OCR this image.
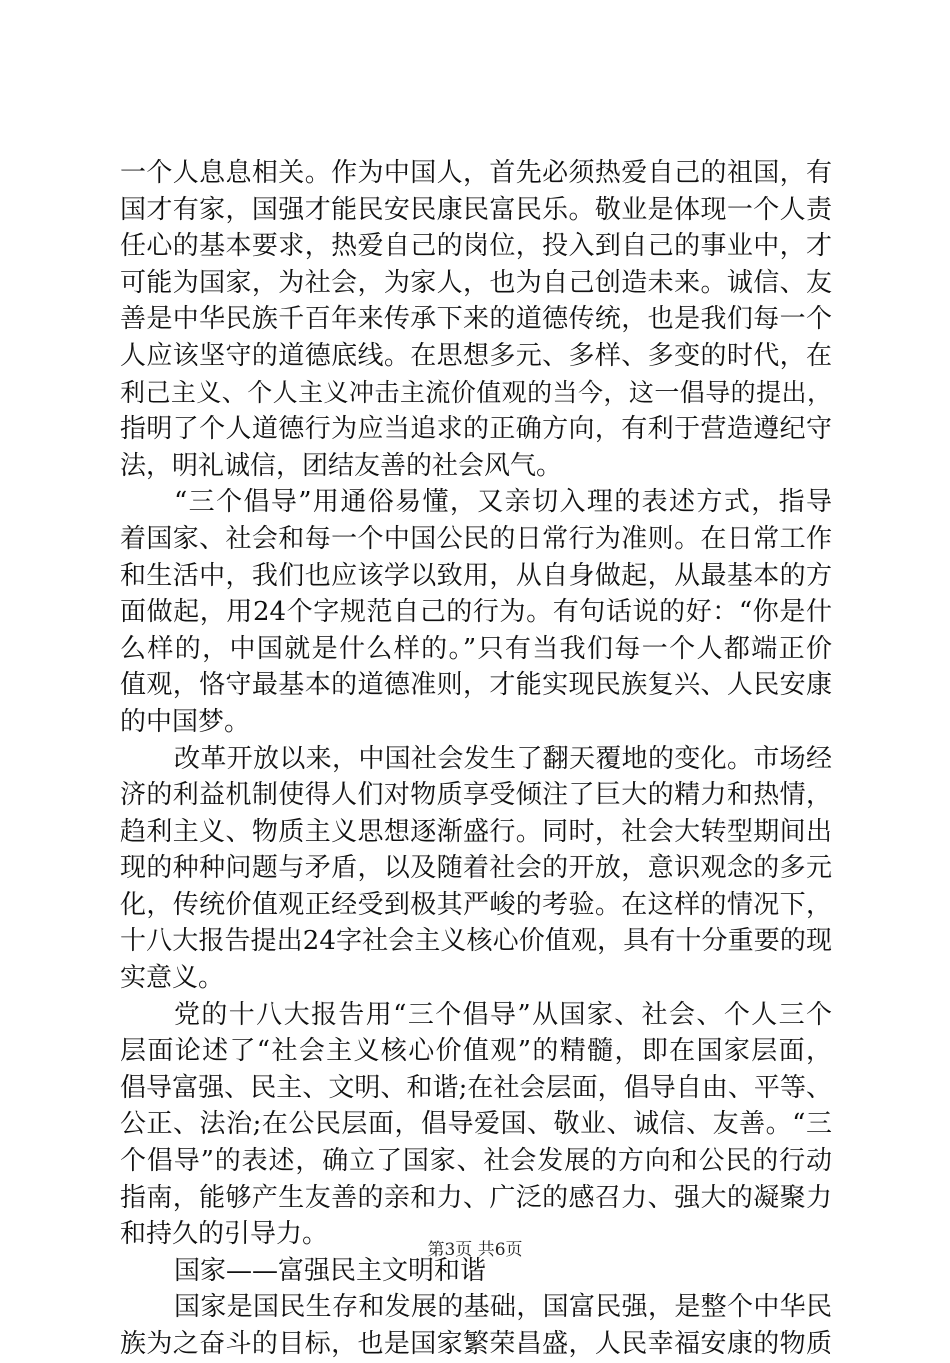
一个人息息相关。作为中国人，首先必须热爱自己的祖国，有
国才有家，国强才能民安民康民富民乐。敬业是体现一个人责
任心的基本要求，热爱自己的岗位，投入到自己的事业中，才
可能为国家，为社会，为家人，也为自己创造未来。诚信、友
善是中华民族千百年来传承下来的道德传统，也是我们每一个
人应该坚守的道德底线。在思想多元、多样、多变的时代，在
利己主义、个人主义冲击主流价值观的当今，这一倡导的提出，
指明了个人道德行为应当追求的正确方向，有利于营造遵纪守
法，明礼诚信，团结友善的社会风气。
“三个倡导”用通俗易懂，又亲切入理的表述方式，指导
着国家、社会和每一个中国公民的日常行为准则。在日常工作
和生活中，我们也应该学以致用，从自身做起，从最基本的方
面做起，用24个字规范自己的行为。有句话说的好：“你是什
么样的，中国就是什么样的。”只有当我们每一个人都端正价
值观，恪守最基本的道德准则，才能实现民族复兴、人民安康
的中国梦。
改革开放以来，中国社会发生了翻天覆地的变化。市场经
济的利益机制使得人们对物质享受倾注了巨大的精力和热情，
趋利主义、物质主义思想逐渐盛行。同时，社会大转型期间出
现的种种问题与矛盾，以及随着社会的开放，意识观念的多元
化，传统价值观正经受到极其严峻的考验。在这样的情况下，
十八大报告提出24字社会主义核心价值观，具有十分重要的现
实意义。
党的十八大报告用“三个倡导”从国家、社会、个人三个
层面论述了“社会主义核心价值观”的精髓，即在国家层面，
倡导富强、民主、文明、和谐;在社会层面，倡导自由、平等、
公正、法治;在公民层面，倡导爱国、敬业、诚信、友善。“三
个倡导”的表述，确立了国家、社会发展的方向和公民的行动
指南，能够产生友善的亲和力、广泛的感召力、强大的凝聚力
和持久的引导力。
国家——富强民主文明和谐
国家是国民生存和发展的基础，国富民强，是整个中华民
族为之奋斗的目标，也是国家繁荣昌盛，人民幸福安康的物质
第3页 共6页
